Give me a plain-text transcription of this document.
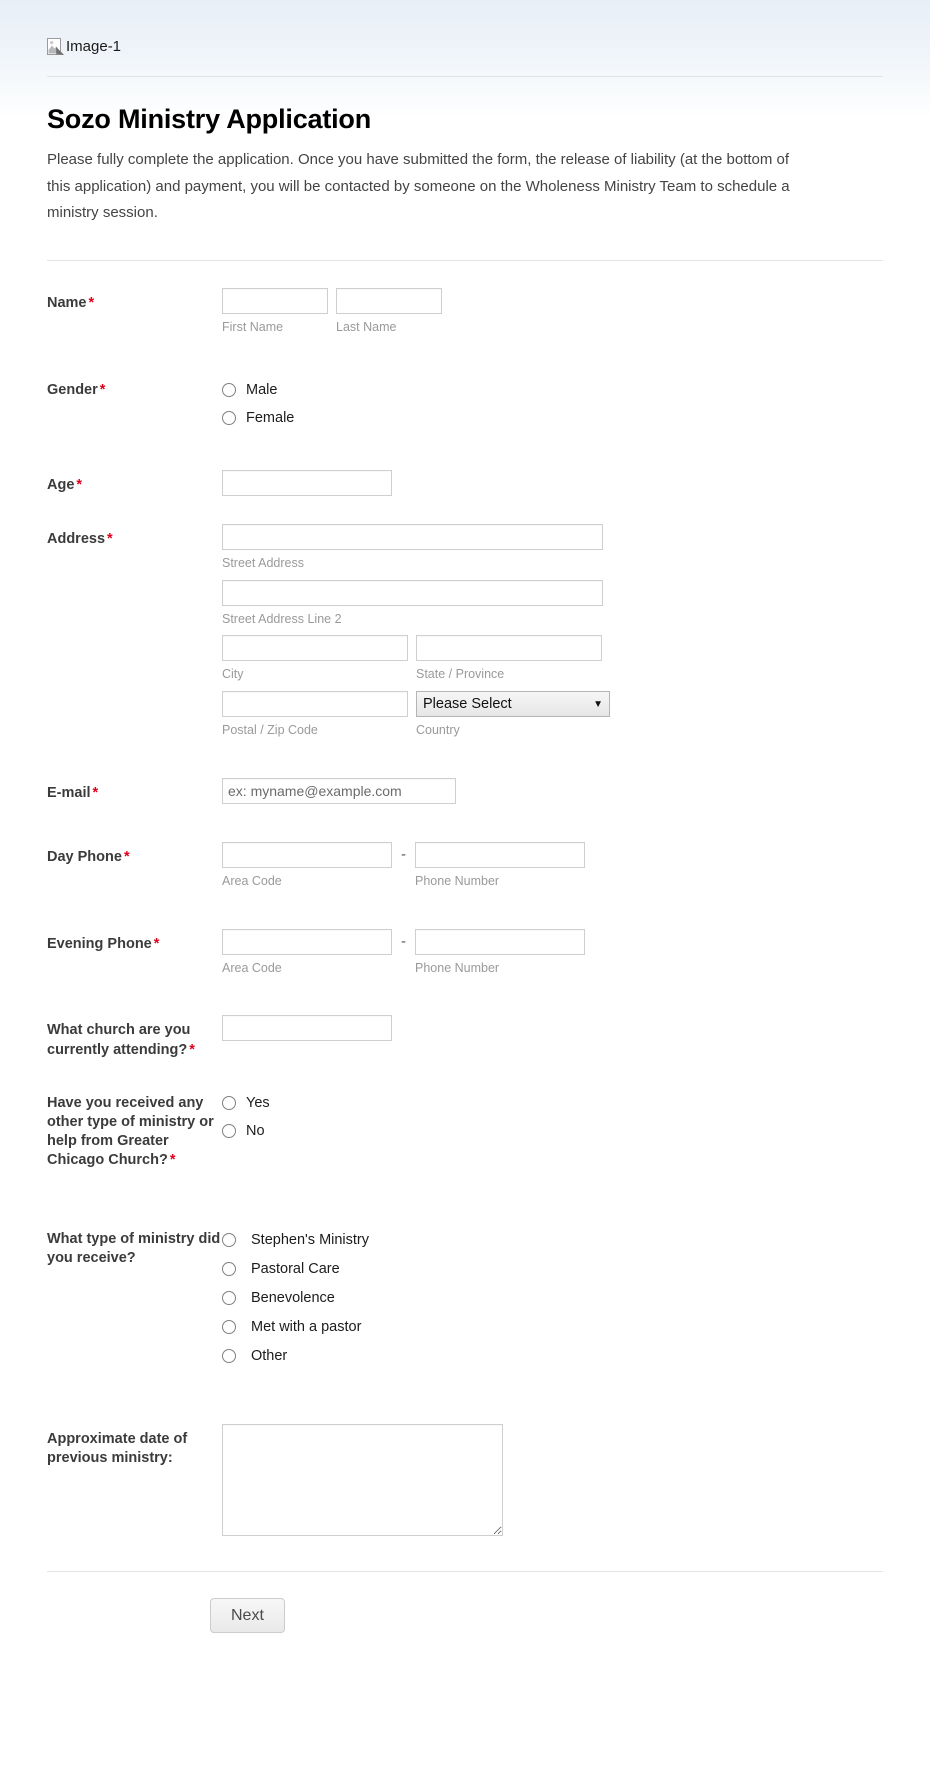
Image-1
Sozo Ministry Application

Please fully complete the application. Once you have submitted the form, the release of liability (at the bottom of this application) and payment, you will be contacted by someone on the Wholeness Ministry Team to schedule a ministry session.

Name *
First Name	Last Name
Gender *	Male
Female
Age *
Address *
Street Address
Street Address Line 2
City	State / Province
Postal / Zip Code
Please Select
▼
Country
E-mail *
ex: myname@example.com
Day Phone *
Area Code
-
Phone Number
Evening Phone *
Area Code
-
Phone Number
What church are you currently attending? *
Have you received any other type of ministry or help from Greater Chicago Church? *
Yes
No
What type of ministry did you receive?
Stephen's Ministry
Pastoral Care
Benevolence
Met with a pastor
Other
Approximate date of previous ministry:
Next
